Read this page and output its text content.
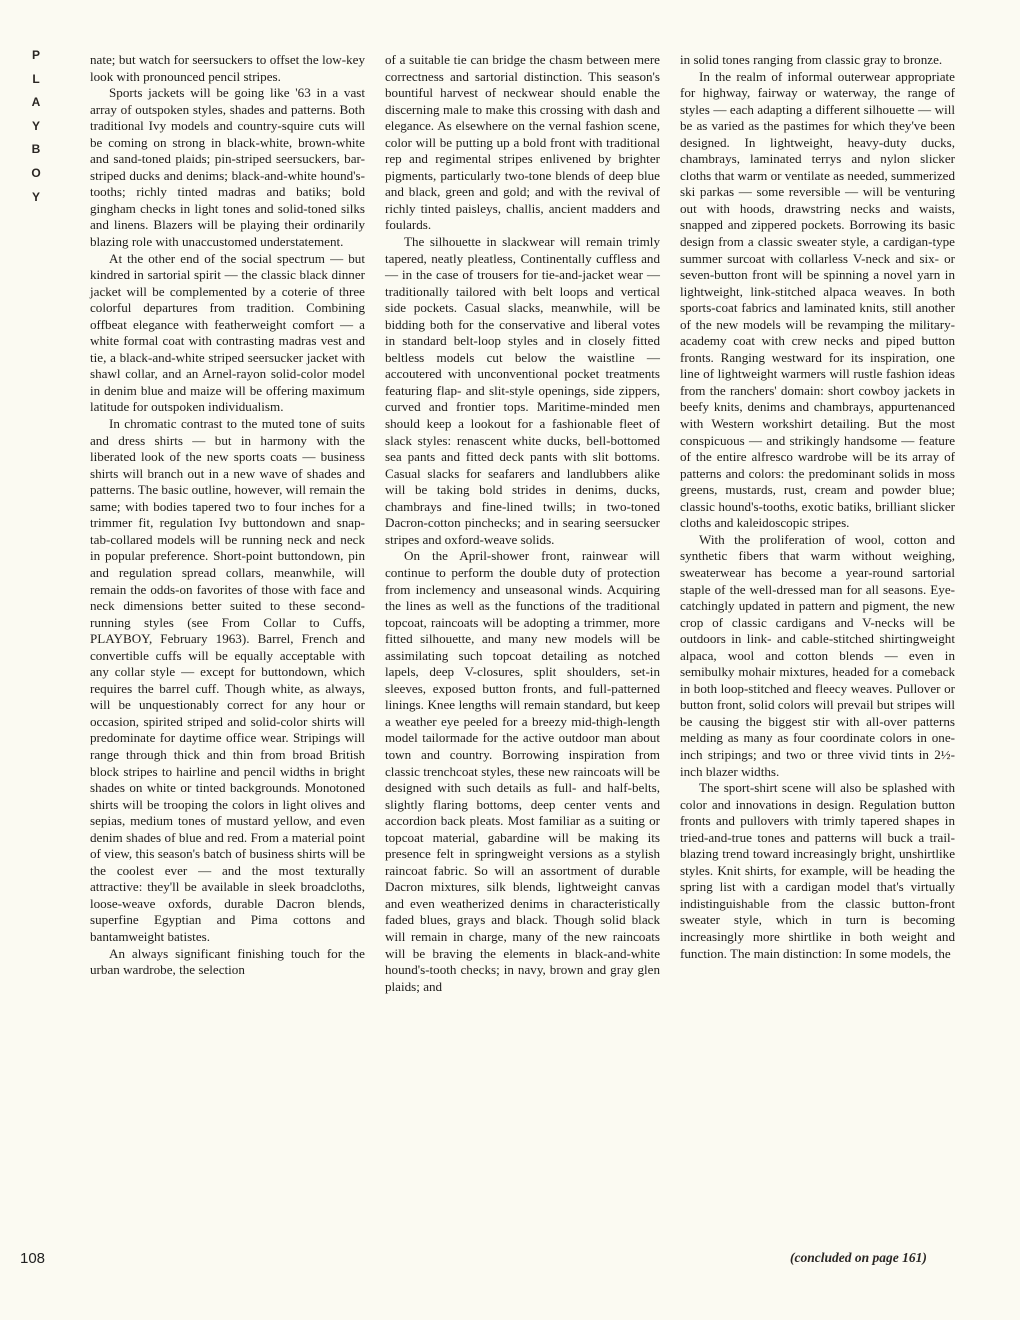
P
L
A
Y
B
O
Y

nate; but watch for seersuckers to offset the low-key look with pronounced pencil stripes.

Sports jackets will be going like '63 in a vast array of outspoken styles, shades and patterns. Both traditional Ivy models and country-squire cuts will be coming on strong in black-white, brown-white and sand-toned plaids; pin-striped seersuckers, bar-striped ducks and denims; black-and-white hound's-tooths; richly tinted madras and batiks; bold gingham checks in light tones and solid-toned silks and linens. Blazers will be playing their ordinarily blazing role with unaccustomed understatement.

At the other end of the social spectrum — but kindred in sartorial spirit — the classic black dinner jacket will be complemented by a coterie of three colorful departures from tradition. Combining offbeat elegance with featherweight comfort — a white formal coat with contrasting madras vest and tie, a black-and-white striped seersucker jacket with shawl collar, and an Arnel-rayon solid-color model in denim blue and maize will be offering maximum latitude for outspoken individualism.

In chromatic contrast to the muted tone of suits and dress shirts — but in harmony with the liberated look of the new sports coats — business shirts will branch out in a new wave of shades and patterns. The basic outline, however, will remain the same; with bodies tapered two to four inches for a trimmer fit, regulation Ivy buttondown and snap-tab-collared models will be running neck and neck in popular preference. Short-point buttondown, pin and regulation spread collars, meanwhile, will remain the odds-on favorites of those with face and neck dimensions better suited to these second-running styles (see From Collar to Cuffs, PLAYBOY, February 1963). Barrel, French and convertible cuffs will be equally acceptable with any collar style — except for buttondown, which requires the barrel cuff. Though white, as always, will be unquestionably correct for any hour or occasion, spirited striped and solid-color shirts will predominate for daytime office wear. Stripings will range through thick and thin from broad British block stripes to hairline and pencil widths in bright shades on white or tinted backgrounds. Monotoned shirts will be trooping the colors in light olives and sepias, medium tones of mustard yellow, and even denim shades of blue and red. From a material point of view, this season's batch of business shirts will be the coolest ever — and the most texturally attractive: they'll be available in sleek broadcloths, loose-weave oxfords, durable Dacron blends, superfine Egyptian and Pima cottons and bantamweight batistes.

An always significant finishing touch for the urban wardrobe, the selection

of a suitable tie can bridge the chasm between mere correctness and sartorial distinction. This season's bountiful harvest of neckwear should enable the discerning male to make this crossing with dash and elegance. As elsewhere on the vernal fashion scene, color will be putting up a bold front with traditional rep and regimental stripes enlivened by brighter pigments, particularly two-tone blends of deep blue and black, green and gold; and with the revival of richly tinted paisleys, challis, ancient madders and foulards.

The silhouette in slackwear will remain trimly tapered, neatly pleatless, Continentally cuffless and — in the case of trousers for tie-and-jacket wear — traditionally tailored with belt loops and vertical side pockets. Casual slacks, meanwhile, will be bidding both for the conservative and liberal votes in standard belt-loop styles and in closely fitted beltless models cut below the waistline — accoutered with unconventional pocket treatments featuring flap- and slit-style openings, side zippers, curved and frontier tops. Maritime-minded men should keep a lookout for a fashionable fleet of slack styles: renascent white ducks, bell-bottomed sea pants and fitted deck pants with slit bottoms. Casual slacks for seafarers and landlubbers alike will be taking bold strides in denims, ducks, chambrays and fine-lined twills; in two-toned Dacron-cotton pinchecks; and in searing seersucker stripes and oxford-weave solids.

On the April-shower front, rainwear will continue to perform the double duty of protection from inclemency and unseasonal winds. Acquiring the lines as well as the functions of the traditional topcoat, raincoats will be adopting a trimmer, more fitted silhouette, and many new models will be assimilating such topcoat detailing as notched lapels, deep V-closures, split shoulders, set-in sleeves, exposed button fronts, and full-patterned linings. Knee lengths will remain standard, but keep a weather eye peeled for a breezy mid-thigh-length model tailormade for the active outdoor man about town and country. Borrowing inspiration from classic trenchcoat styles, these new raincoats will be designed with such details as full- and half-belts, slightly flaring bottoms, deep center vents and accordion back pleats. Most familiar as a suiting or topcoat material, gabardine will be making its presence felt in springweight versions as a stylish raincoat fabric. So will an assortment of durable Dacron mixtures, silk blends, lightweight canvas and even weatherized denims in characteristically faded blues, grays and black. Though solid black will remain in charge, many of the new raincoats will be braving the elements in black-and-white hound's-tooth checks; in navy, brown and gray glen plaids; and

in solid tones ranging from classic gray to bronze.

In the realm of informal outerwear appropriate for highway, fairway or waterway, the range of styles — each adapting a different silhouette — will be as varied as the pastimes for which they've been designed. In lightweight, heavy-duty ducks, chambrays, laminated terrys and nylon slicker cloths that warm or ventilate as needed, summerized ski parkas — some reversible — will be venturing out with hoods, drawstring necks and waists, snapped and zippered pockets. Borrowing its basic design from a classic sweater style, a cardigan-type summer surcoat with collarless V-neck and six- or seven-button front will be spinning a novel yarn in lightweight, link-stitched alpaca weaves. In both sports-coat fabrics and laminated knits, still another of the new models will be revamping the military-academy coat with crew necks and piped button fronts. Ranging westward for its inspiration, one line of lightweight warmers will rustle fashion ideas from the ranchers' domain: short cowboy jackets in beefy knits, denims and chambrays, appurtenanced with Western workshirt detailing. But the most conspicuous — and strikingly handsome — feature of the entire alfresco wardrobe will be its array of patterns and colors: the predominant solids in moss greens, mustards, rust, cream and powder blue; classic hound's-tooths, exotic batiks, brilliant slicker cloths and kaleidoscopic stripes.

With the proliferation of wool, cotton and synthetic fibers that warm without weighing, sweaterwear has become a year-round sartorial staple of the well-dressed man for all seasons. Eye-catchingly updated in pattern and pigment, the new crop of classic cardigans and V-necks will be outdoors in link- and cable-stitched shirtingweight alpaca, wool and cotton blends — even in semibulky mohair mixtures, headed for a comeback in both loop-stitched and fleecy weaves. Pullover or button front, solid colors will prevail but stripes will be causing the biggest stir with all-over patterns melding as many as four coordinate colors in one-inch stripings; and two or three vivid tints in 2½-inch blazer widths.

The sport-shirt scene will also be splashed with color and innovations in design. Regulation button fronts and pullovers with trimly tapered shapes in tried-and-true tones and patterns will buck a trail-blazing trend toward increasingly bright, unshirtlike styles. Knit shirts, for example, will be heading the spring list with a cardigan model that's virtually indistinguishable from the classic button-front sweater style, which in turn is becoming increasingly more shirtlike in both weight and function. The main distinction: In some models, the

108	(concluded on page 161)
